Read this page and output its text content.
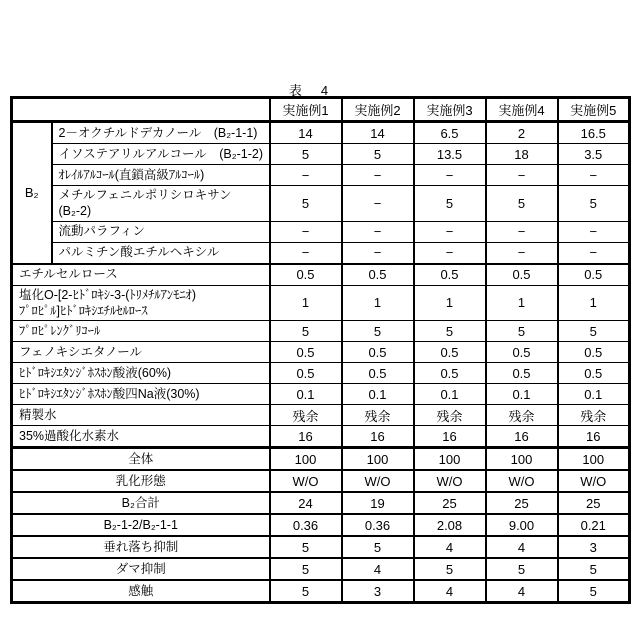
表　4
		実施例1	実施例2	実施例3	実施例4	実施例5
B₂	2－オクチルドデカノール　(B₂-1-1)	14	14	6.5	2	16.5
	イソステアリルアルコール　(B₂-1-2)	5	5	13.5	18	3.5
	ｵﾚｲﾙｱﾙｺｰﾙ(直鎖高級ｱﾙｺｰﾙ)	−	−	−	−	−
	メチルフェニルポリシロキサン (B₂-2)	5	−	5	5	5
	流動パラフィン	−	−	−	−	−
	パルミチン酸エチルヘキシル	−	−	−	−	−
エチルセルロース		0.5	0.5	0.5	0.5	0.5
塩化O-[2-ﾋﾄﾞﾛｷｼ-3-(ﾄﾘﾒﾁﾙｱﾝﾓﾆｵ)
ﾌﾟﾛﾋﾟﾙ]ﾋﾄﾞﾛｷｼｴﾁﾙｾﾙﾛｰｽ		1	1	1	1	1
ﾌﾟﾛﾋﾟﾚﾝｸﾞﾘｺｰﾙ		5	5	5	5	5
フェノキシエタノール		0.5	0.5	0.5	0.5	0.5
ﾋﾄﾞﾛｷｼｴﾀﾝｼﾞﾎｽﾎﾝ酸液(60%)		0.5	0.5	0.5	0.5	0.5
ﾋﾄﾞﾛｷｼｴﾀﾝｼﾞﾎｽﾎﾝ酸四Na液(30%)		0.1	0.1	0.1	0.1	0.1
精製水		残余	残余	残余	残余	残余
35%過酸化水素水		16	16	16	16	16
全体		100	100	100	100	100
乳化形態		W/O	W/O	W/O	W/O	W/O
B₂合計		24	19	25	25	25
B₂-1-2/B₂-1-1		0.36	0.36	2.08	9.00	0.21
垂れ落ち抑制		5	5	4	4	3
ダマ抑制		5	4	5	5	5
感触		5	3	4	4	5
